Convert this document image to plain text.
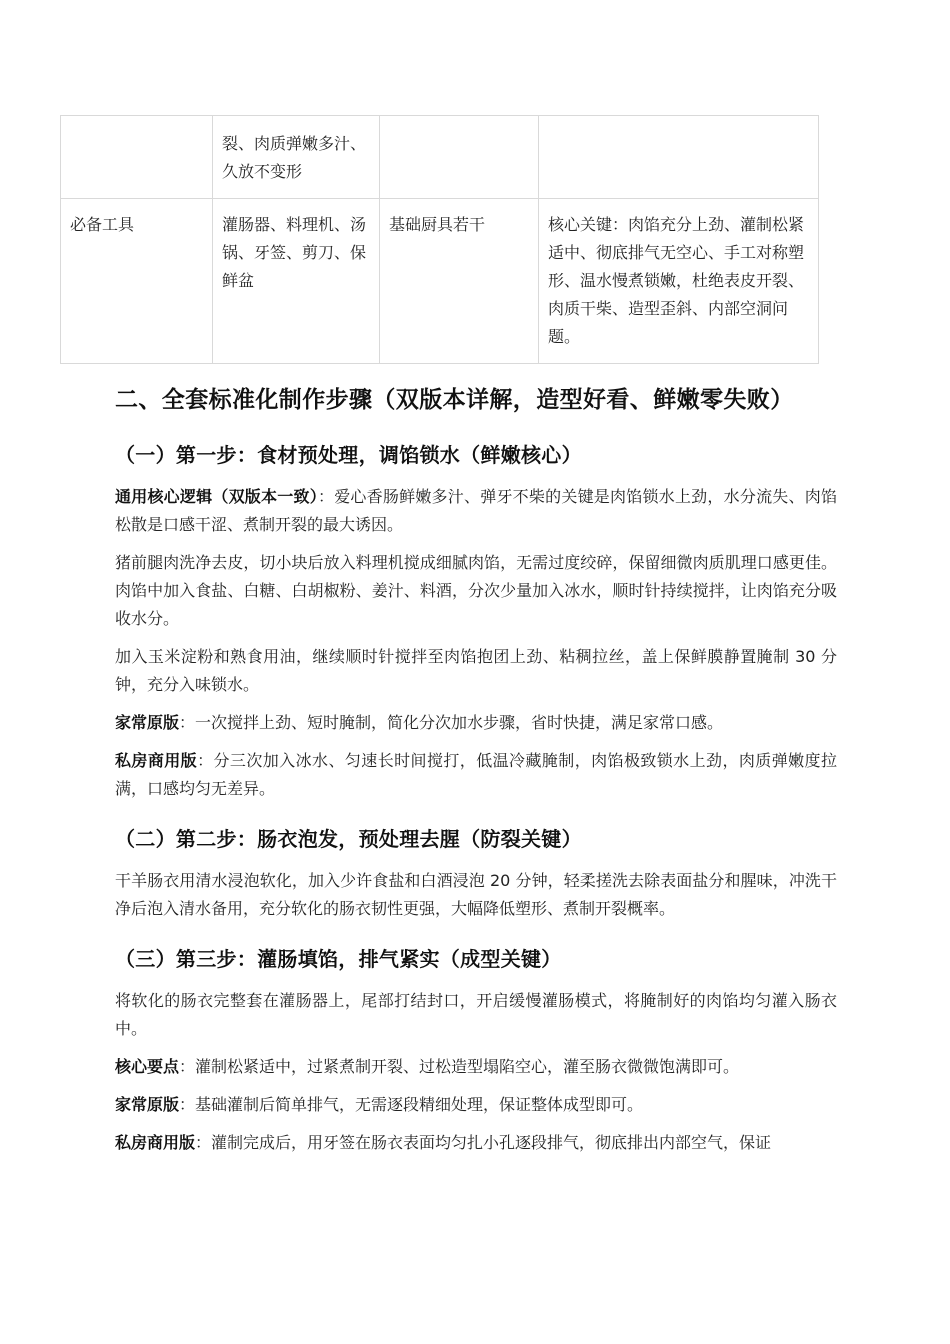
	裂、肉质弹嫩多汁、久放不变形		
必备工具	灌肠器、料理机、汤锅、牙签、剪刀、保鲜盆	基础厨具若干	核心关键：肉馅充分上劲、灌制松紧适中、彻底排气无空心、手工对称塑形、温水慢煮锁嫩，杜绝表皮开裂、肉质干柴、造型歪斜、内部空洞问题。
二、全套标准化制作步骤（双版本详解，造型好看、鲜嫩零失败）
（一）第一步：食材预处理，调馅锁水（鲜嫩核心）

通用核心逻辑（双版本一致）：爱心香肠鲜嫩多汁、弹牙不柴的关键是肉馅锁水上劲，水分流失、肉馅松散是口感干涩、煮制开裂的最大诱因。

猪前腿肉洗净去皮，切小块后放入料理机搅成细腻肉馅，无需过度绞碎，保留细微肉质肌理口感更佳。肉馅中加入食盐、白糖、白胡椒粉、姜汁、料酒，分次少量加入冰水，顺时针持续搅拌，让肉馅充分吸收水分。

加入玉米淀粉和熟食用油，继续顺时针搅拌至肉馅抱团上劲、粘稠拉丝，盖上保鲜膜静置腌制 30 分钟，充分入味锁水。

家常原版：一次搅拌上劲、短时腌制，简化分次加水步骤，省时快捷，满足家常口感。

私房商用版：分三次加入冰水、匀速长时间搅打，低温冷藏腌制，肉馅极致锁水上劲，肉质弹嫩度拉满，口感均匀无差异。

（二）第二步：肠衣泡发，预处理去腥（防裂关键）

干羊肠衣用清水浸泡软化，加入少许食盐和白酒浸泡 20 分钟，轻柔搓洗去除表面盐分和腥味，冲洗干净后泡入清水备用，充分软化的肠衣韧性更强，大幅降低塑形、煮制开裂概率。

（三）第三步：灌肠填馅，排气紧实（成型关键）

将软化的肠衣完整套在灌肠器上，尾部打结封口，开启缓慢灌肠模式，将腌制好的肉馅均匀灌入肠衣中。

核心要点：灌制松紧适中，过紧煮制开裂、过松造型塌陷空心，灌至肠衣微微饱满即可。

家常原版：基础灌制后简单排气，无需逐段精细处理，保证整体成型即可。

私房商用版：灌制完成后，用牙签在肠衣表面均匀扎小孔逐段排气，彻底排出内部空气，保证
